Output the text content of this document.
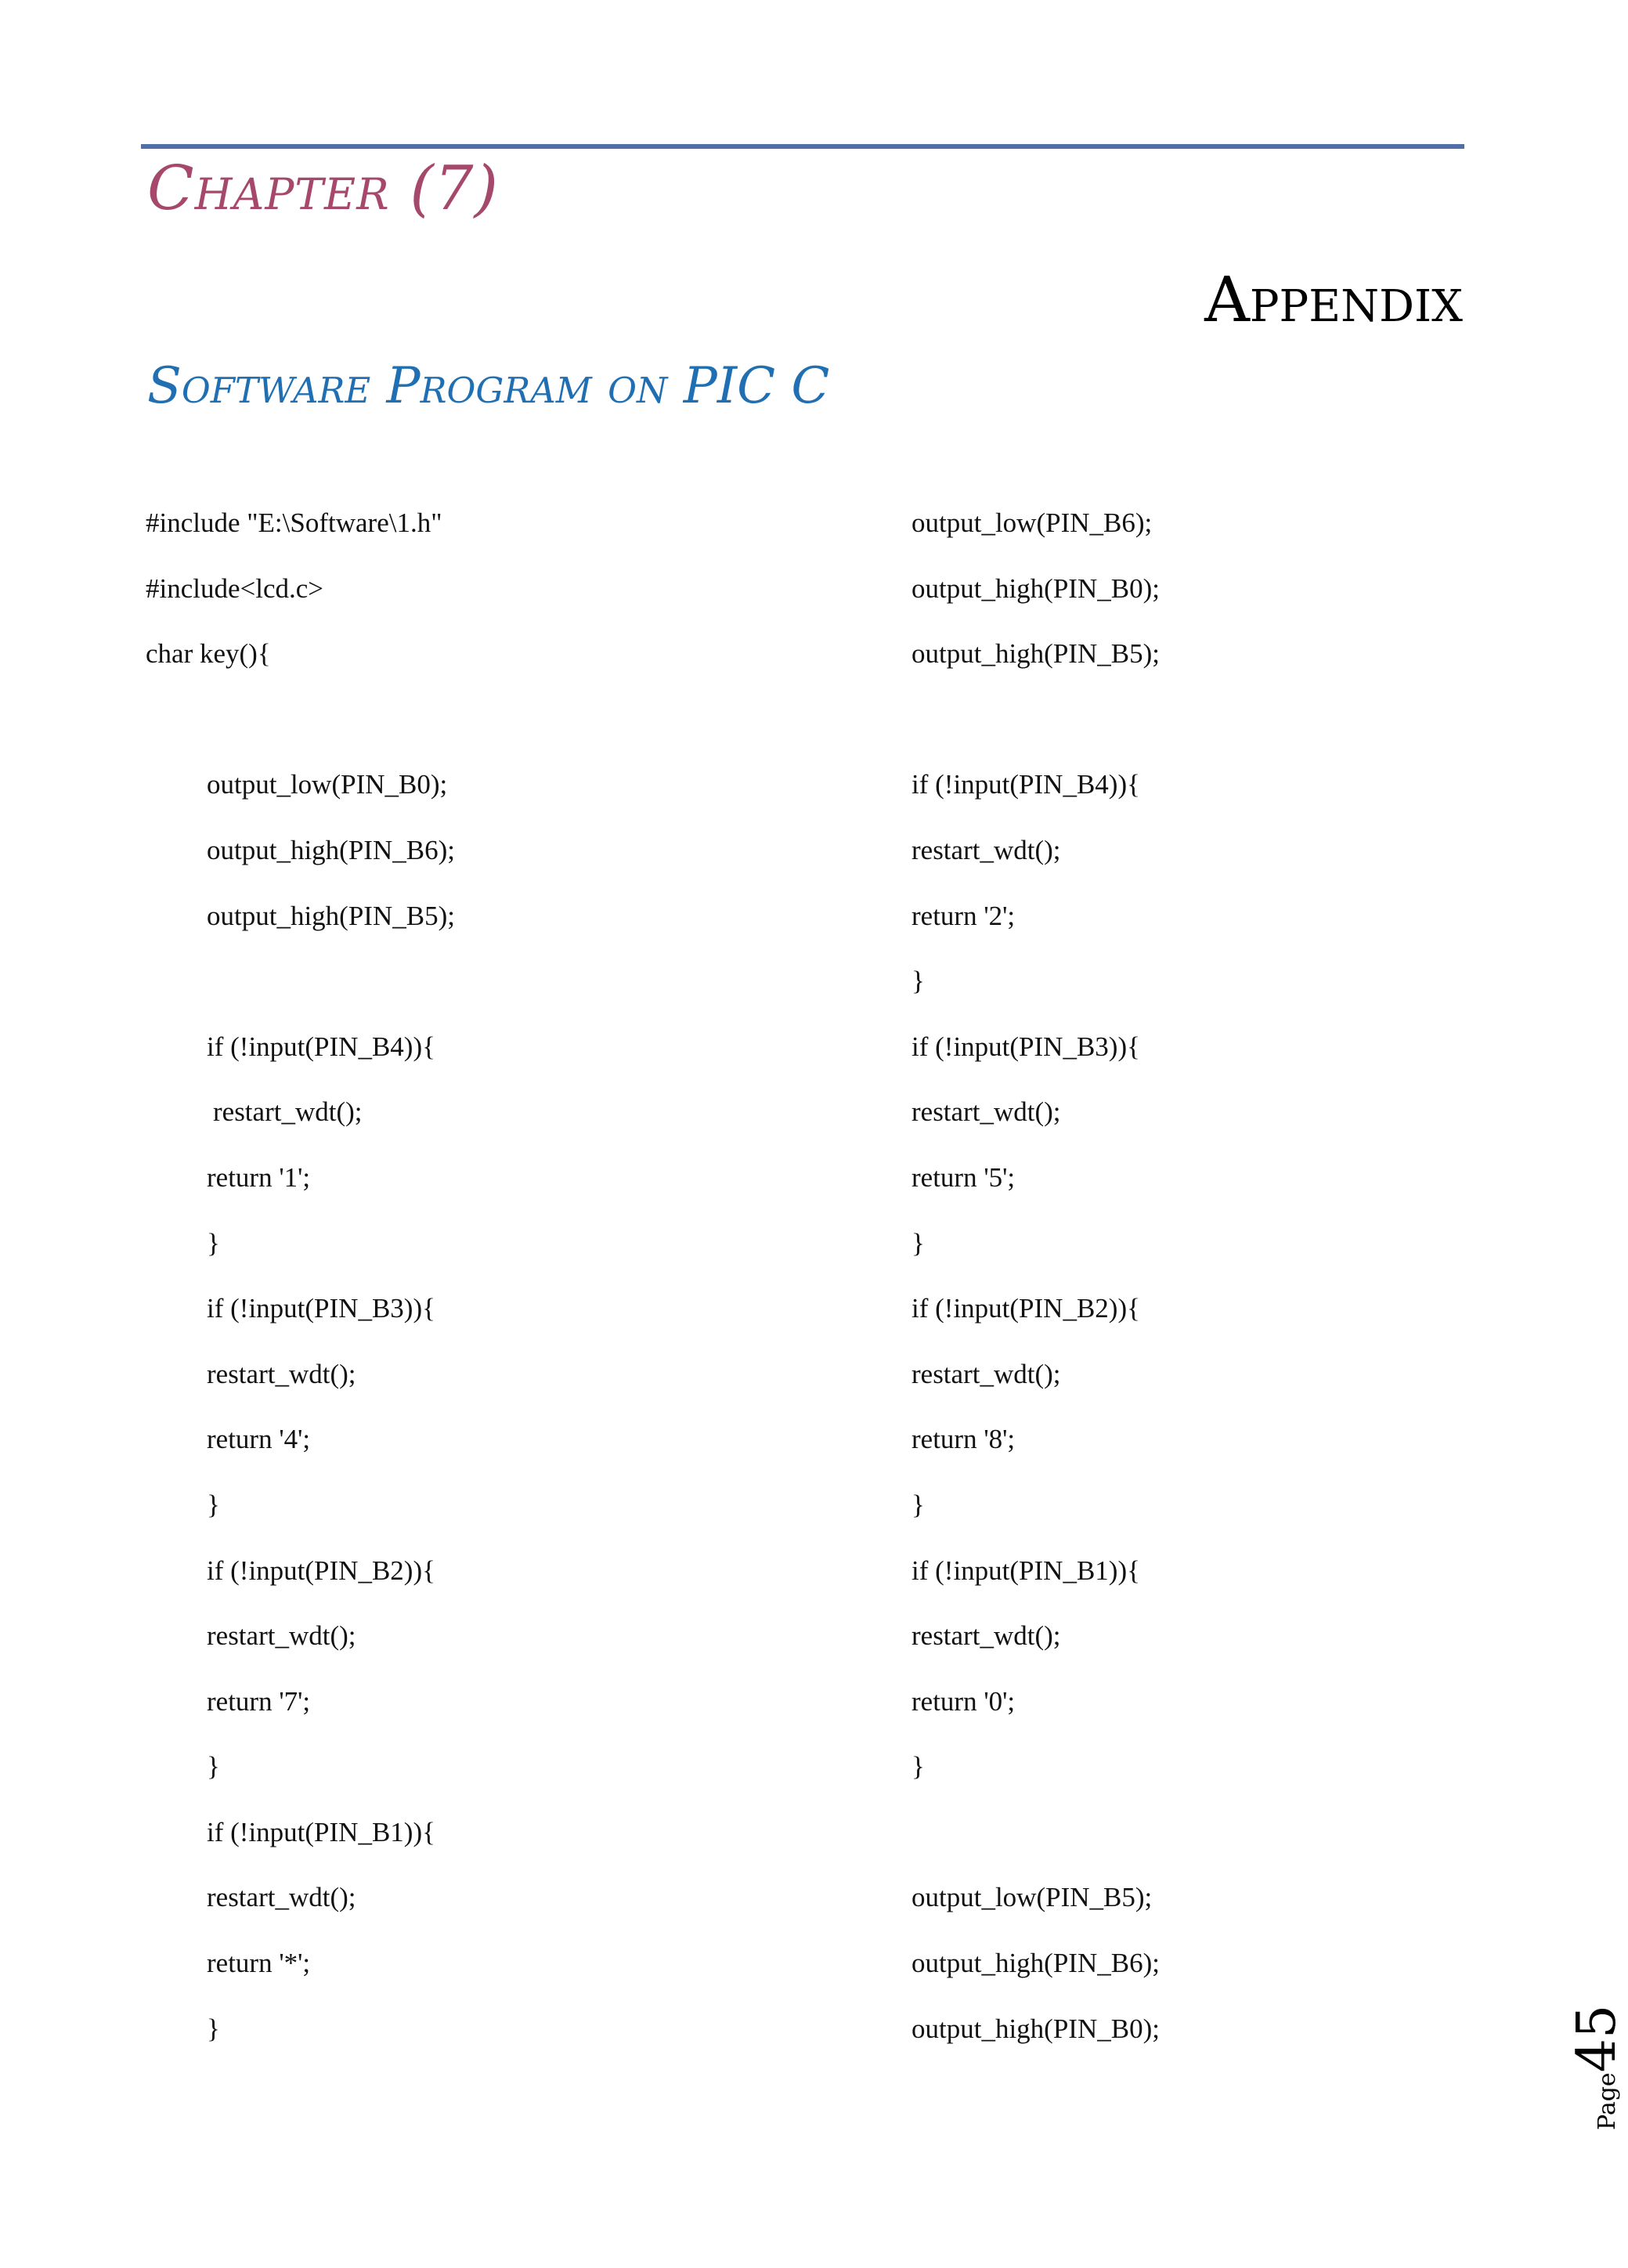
Chapter (7)
Appendix
Software Program on PIC C
#include "E:\Software\1.h"
#include<lcd.c>
char key(){
output_low(PIN_B0);
output_high(PIN_B6);
output_high(PIN_B5);
if (!input(PIN_B4)){
restart_wdt();
return '1';
}
if (!input(PIN_B3)){
restart_wdt();
return '4';
}
if (!input(PIN_B2)){
restart_wdt();
return '7';
}
if (!input(PIN_B1)){
restart_wdt();
return '*';
}
output_low(PIN_B6);
output_high(PIN_B0);
output_high(PIN_B5);
if (!input(PIN_B4)){
restart_wdt();
return '2';
}
if (!input(PIN_B3)){
restart_wdt();
return '5';
}
if (!input(PIN_B2)){
restart_wdt();
return '8';
}
if (!input(PIN_B1)){
restart_wdt();
return '0';
}
output_low(PIN_B5);
output_high(PIN_B6);
output_high(PIN_B0);
Page45
